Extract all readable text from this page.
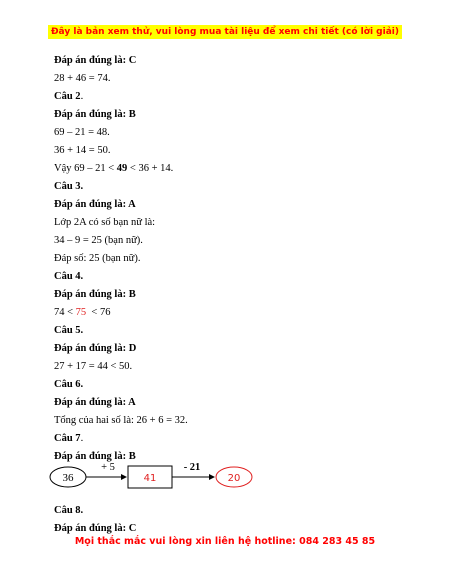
Đây là bản xem thử, vui lòng mua tài liệu để xem chi tiết (có lời giải)
Đáp án đúng là: C
28 + 46 = 74.
Câu 2.
Đáp án đúng là: B
69 – 21 = 48.
36 + 14 = 50.
Vậy 69 – 21 < 49 < 36 + 14.
Câu 3.
Đáp án đúng là: A
Lớp 2A có số bạn nữ là:
34 – 9 = 25 (bạn nữ).
Đáp số: 25 (bạn nữ).
Câu 4.
Đáp án đúng là: B
74 < 75  < 76
Câu 5.
Đáp án đúng là: D
27 + 17 = 44 < 50.
Câu 6.
Đáp án đúng là: A
Tổng của hai số là: 26 + 6 = 32.
Câu 7.
Đáp án đúng là: B
Câu 8.
Đáp án đúng là: C
36
+ 5
41
- 21
20
Mọi thắc mắc vui lòng xin liên hệ hotline: 084 283 45 85
